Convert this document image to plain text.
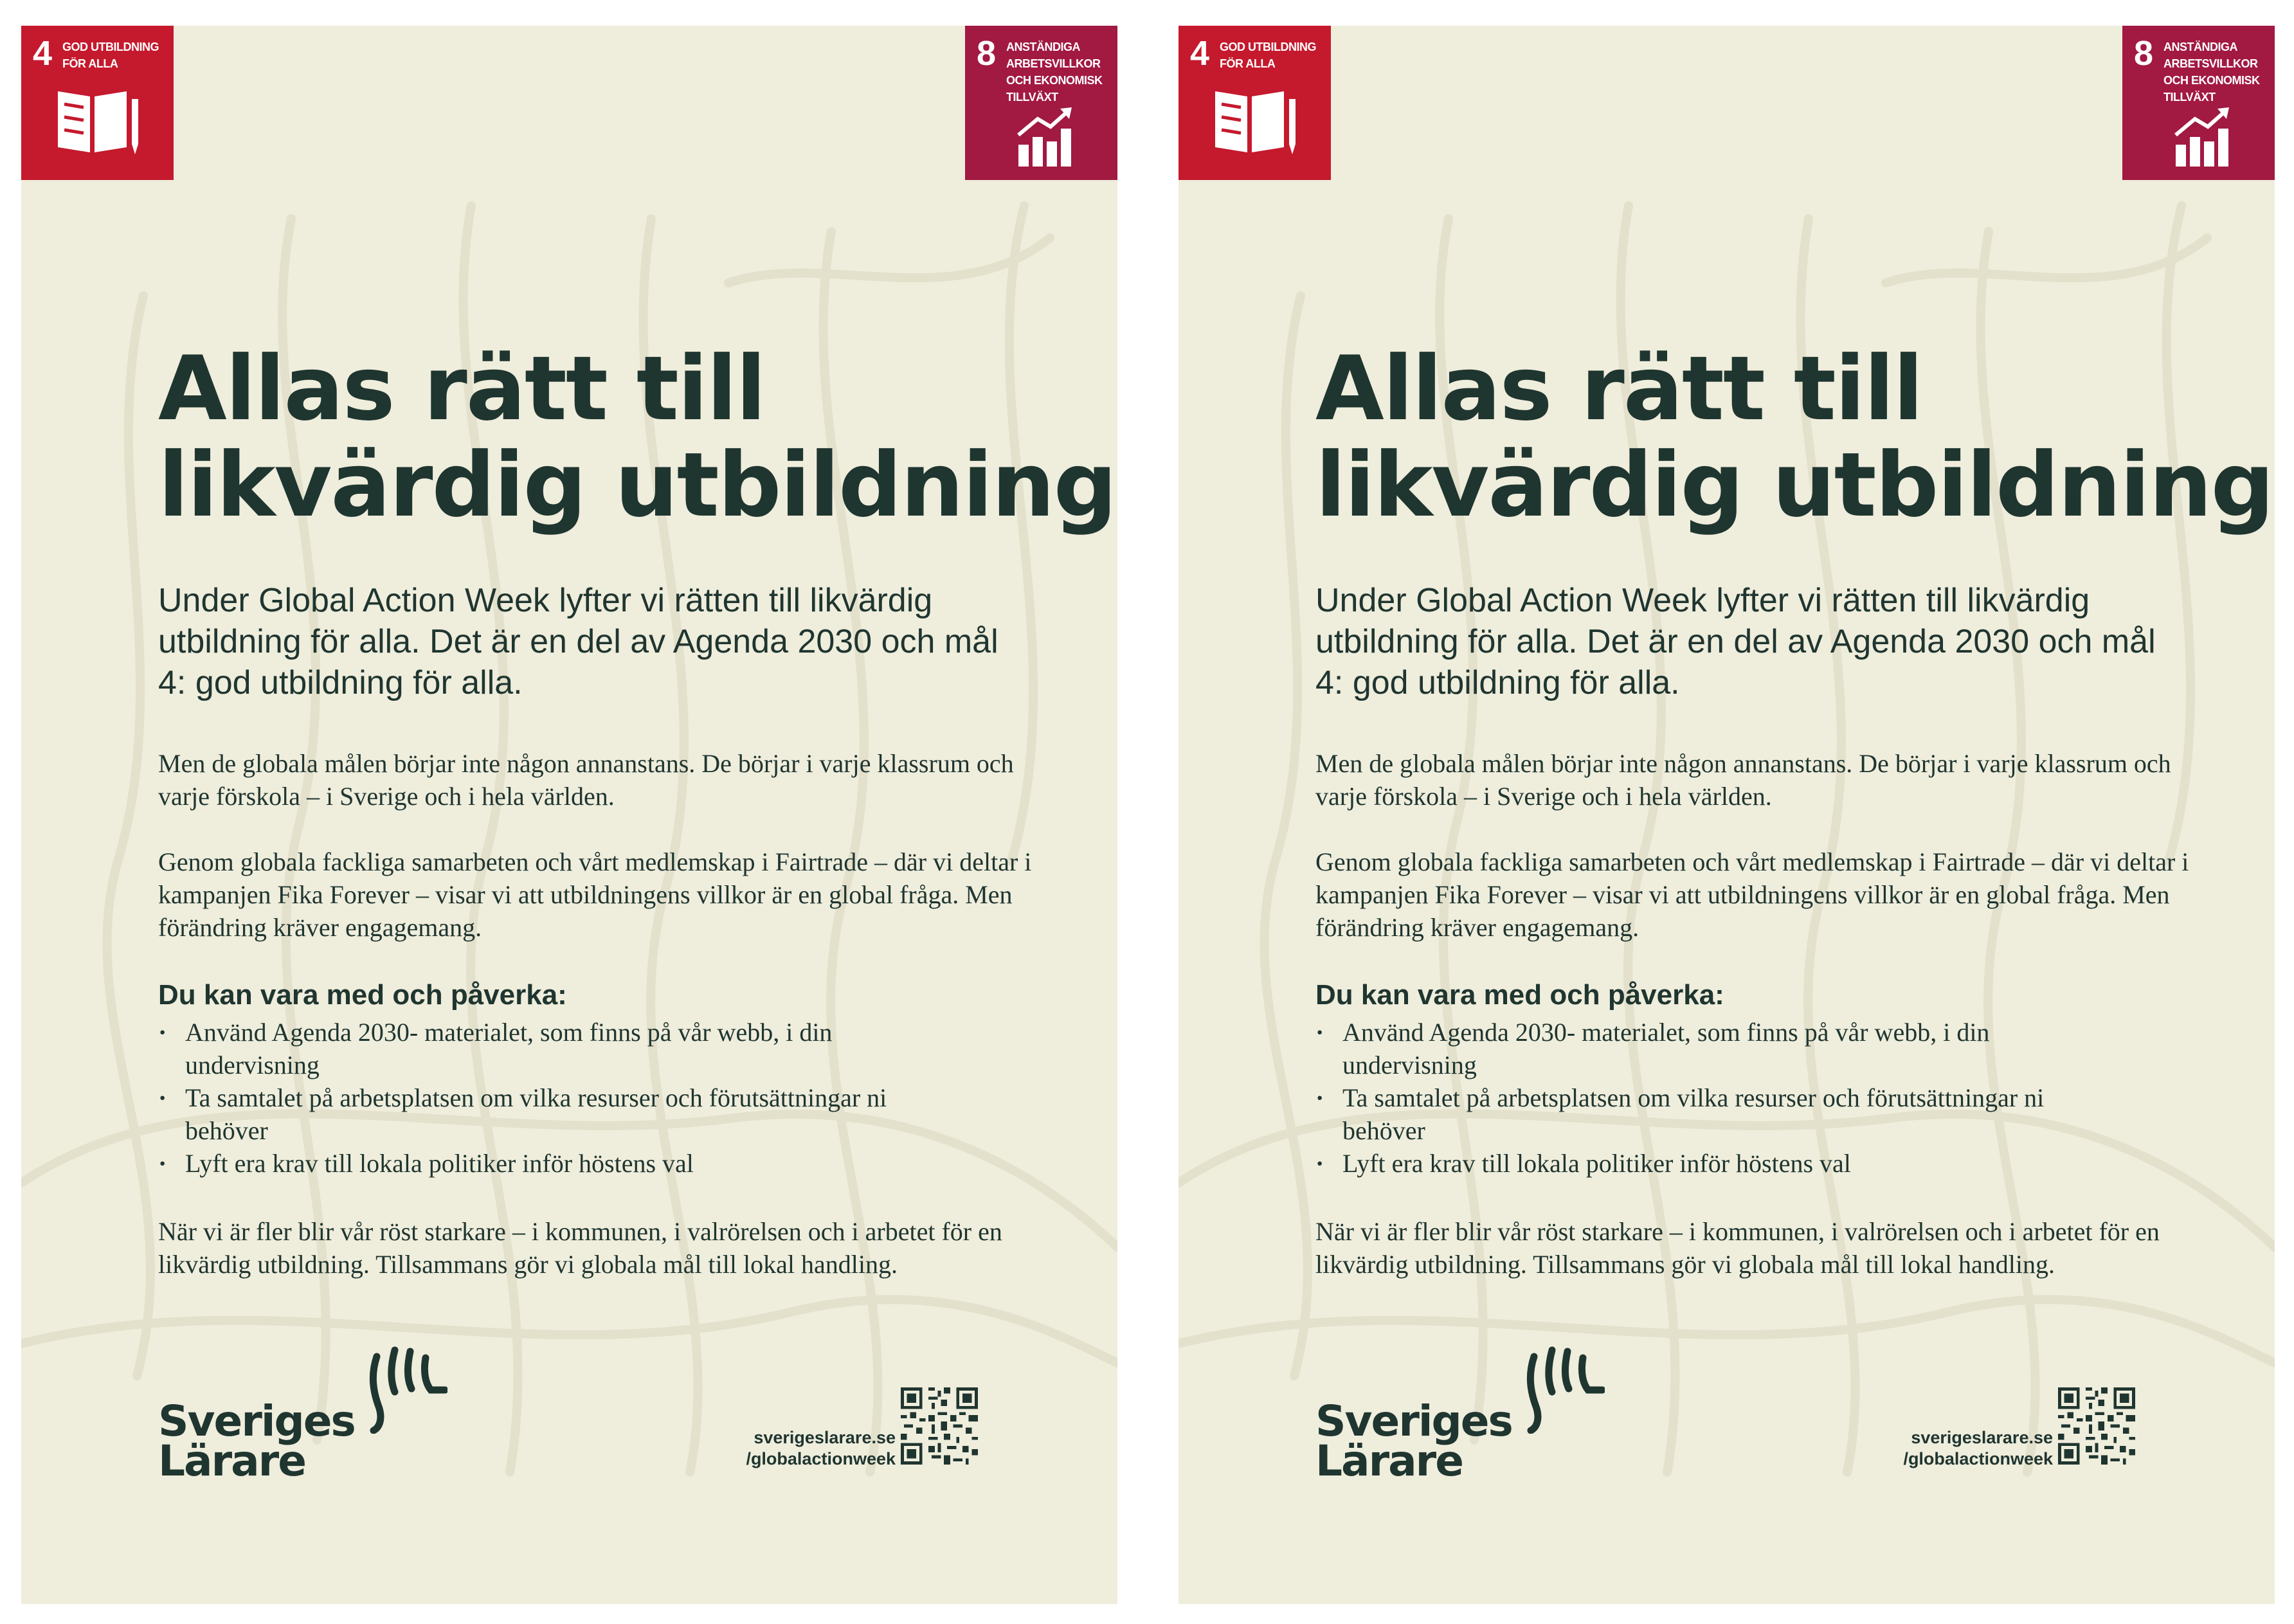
4 GOD UTBILDNING
FÖR ALLA	8 ANSTÄNDIGA
ARBETSVILLKOR
OCH EKONOMISK
TILLVÄXT
Allas rätt till
likvärdig utbildning

Under Global Action Week lyfter vi rätten till likvärdig utbildning för alla. Det är en del av Agenda 2030 och mål 4: god utbildning för alla.

Men de globala målen börjar inte någon annanstans. De börjar i varje klassrum och varje förskola – i Sverige och i hela världen.

Genom globala fackliga samarbeten och vårt medlemskap i Fairtrade – där vi deltar i kampanjen Fika Forever – visar vi att utbildningens villkor är en global fråga. Men förändring kräver engagemang.

Du kan vara med och påverka:
· Använd Agenda 2030- materialet, som finns på vår webb, i din undervisning
· Ta samtalet på arbetsplatsen om vilka resurser och förutsättningar ni behöver
· Lyft era krav till lokala politiker inför höstens val

När vi är fler blir vår röst starkare – i kommunen, i valrörelsen och i arbetet för en likvärdig utbildning. Tillsammans gör vi globala mål till lokal handling.

Sveriges
Lärare	sverigeslarare.se
/globalactionweek

4 GOD UTBILDNING
FÖR ALLA	8 ANSTÄNDIGA
ARBETSVILLKOR
OCH EKONOMISK
TILLVÄXT
Allas rätt till
likvärdig utbildning

Under Global Action Week lyfter vi rätten till likvärdig utbildning för alla. Det är en del av Agenda 2030 och mål 4: god utbildning för alla.

Men de globala målen börjar inte någon annanstans. De börjar i varje klassrum och varje förskola – i Sverige och i hela världen.

Genom globala fackliga samarbeten och vårt medlemskap i Fairtrade – där vi deltar i kampanjen Fika Forever – visar vi att utbildningens villkor är en global fråga. Men förändring kräver engagemang.

Du kan vara med och påverka:
· Använd Agenda 2030- materialet, som finns på vår webb, i din undervisning
· Ta samtalet på arbetsplatsen om vilka resurser och förutsättningar ni behöver
· Lyft era krav till lokala politiker inför höstens val

När vi är fler blir vår röst starkare – i kommunen, i valrörelsen och i arbetet för en likvärdig utbildning. Tillsammans gör vi globala mål till lokal handling.

Sveriges
Lärare	sverigeslarare.se
/globalactionweek
